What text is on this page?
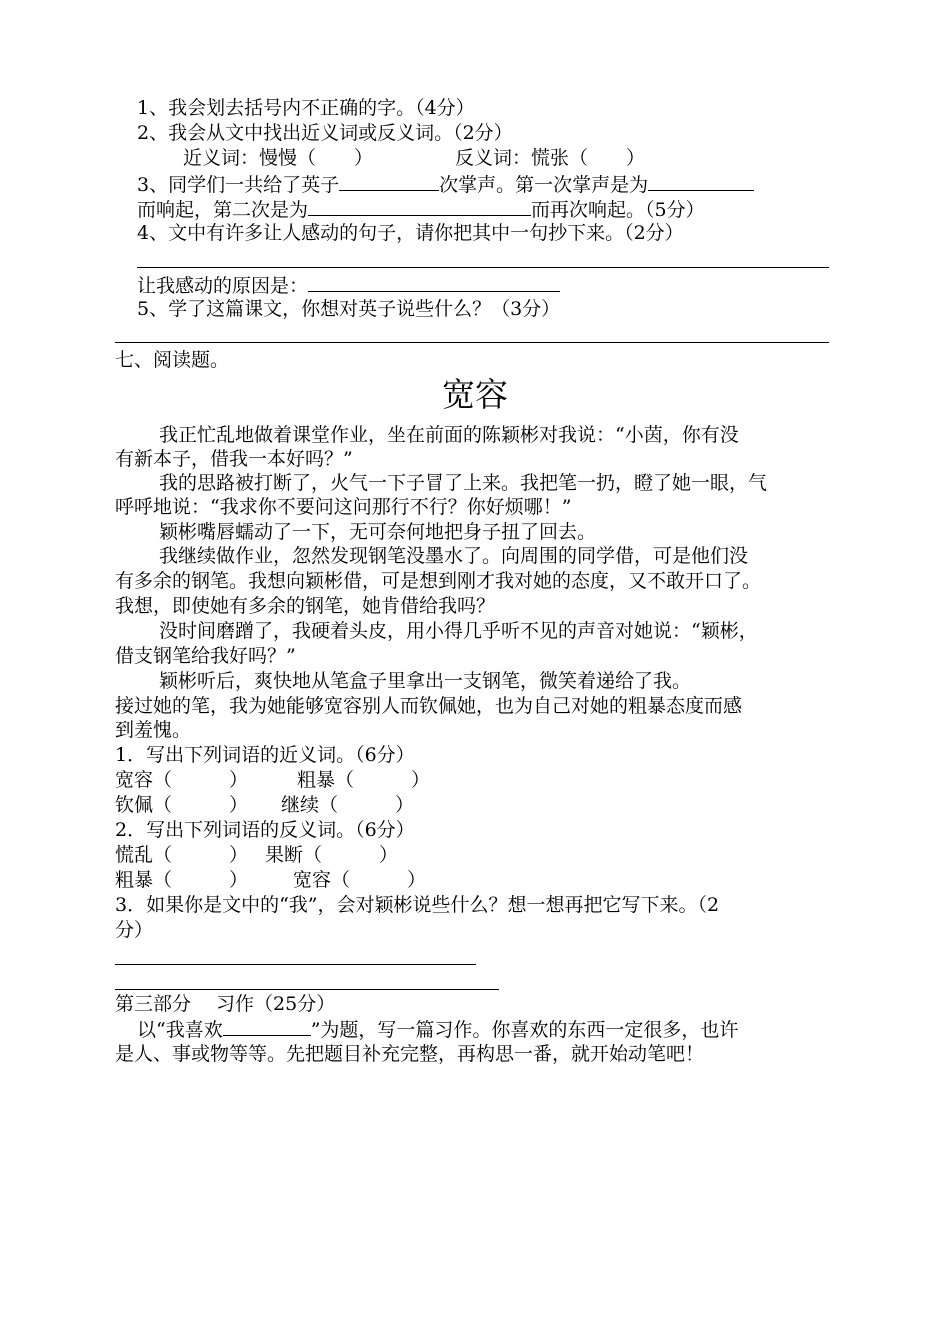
1、我会划去括号内不正确的字。（4分）
2、我会从文中找出近义词或反义词。（2分）
近义词：慢慢（　　）	反义词：慌张（　　）
3、同学们一共给了英子	次掌声。第一次掌声是为
而响起，第二次是为	而再次响起。（5分）
4、文中有许多让人感动的句子，请你把其中一句抄下来。（2分）
让我感动的原因是：
5、学了这篇课文，你想对英子说些什么？（3分）
七、阅读题。
宽容
我正忙乱地做着课堂作业，坐在前面的陈颖彬对我说：“小茵，你有没
有新本子，借我一本好吗？”
我的思路被打断了，火气一下子冒了上来。我把笔一扔，瞪了她一眼，气
呼呼地说：“我求你不要问这问那行不行？你好烦哪！”
颖彬嘴唇蠕动了一下，无可奈何地把身子扭了回去。
我继续做作业，忽然发现钢笔没墨水了。向周围的同学借，可是他们没
有多余的钢笔。我想向颖彬借，可是想到刚才我对她的态度，又不敢开口了。
我想，即使她有多余的钢笔，她肯借给我吗？
没时间磨蹭了，我硬着头皮，用小得几乎听不见的声音对她说：“颖彬，
借支钢笔给我好吗？”
颖彬听后，爽快地从笔盒子里拿出一支钢笔，微笑着递给了我。
接过她的笔，我为她能够宽容别人而钦佩她，也为自己对她的粗暴态度而感
到羞愧。
1．写出下列词语的近义词。（6分）
宽容（　　　）	粗暴（　　　）
钦佩（　　　） 继续（　　　）
2．写出下列词语的反义词。（6分）
慌乱（　　　） 果断（　　　）
粗暴（　　　） 宽容（　　　）
3．如果你是文中的“我”，会对颖彬说些什么？想一想再把它写下来。（2
分）
第三部分　 习作（25分）
以“我喜欢	”为题，写一篇习作。你喜欢的东西一定很多，也许
是人、事或物等等。先把题目补充完整，再构思一番，就开始动笔吧！
